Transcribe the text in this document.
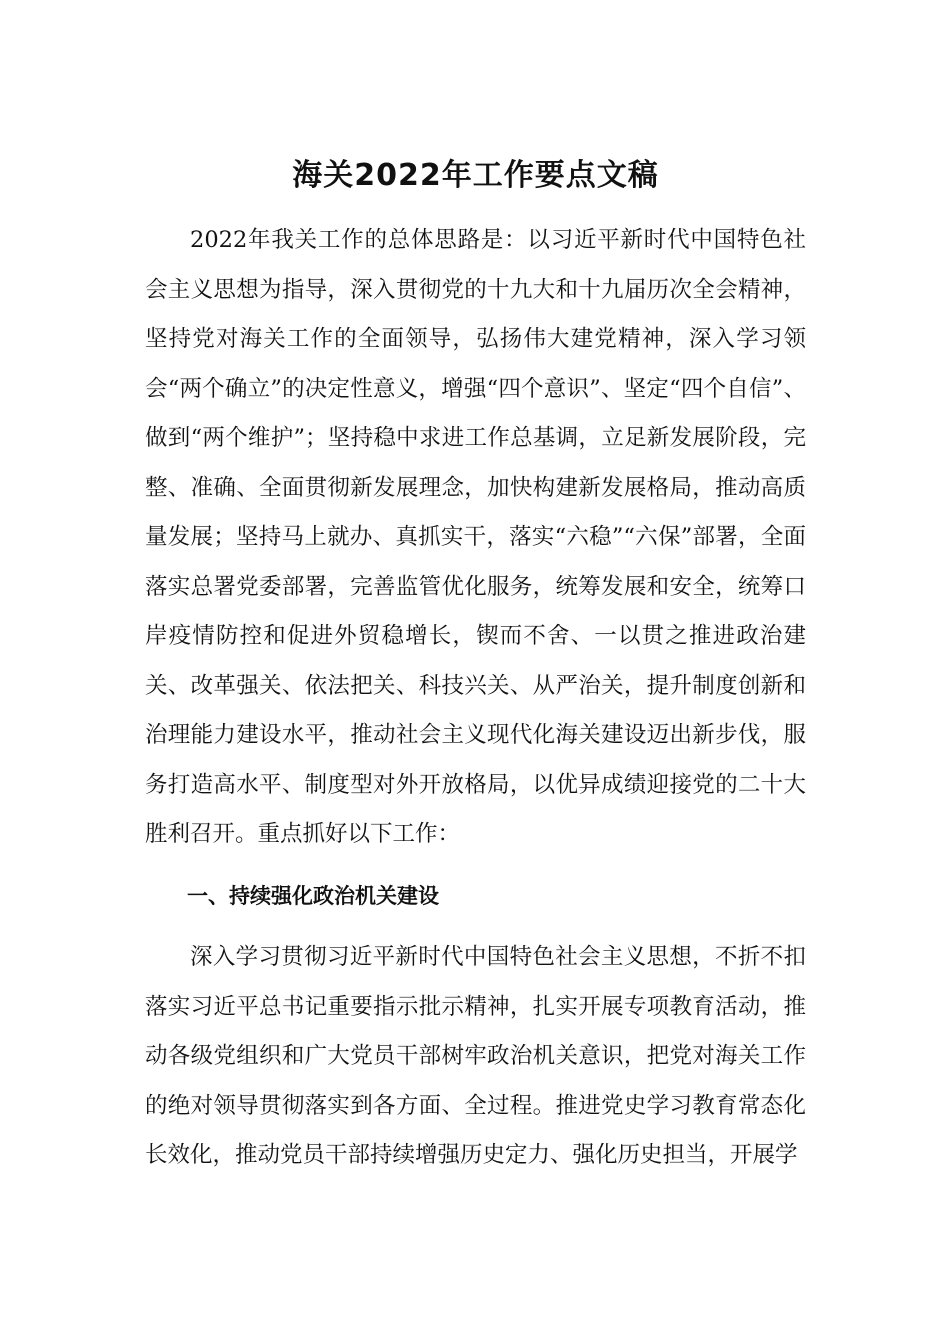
海关2022年工作要点文稿

2022年我关工作的总体思路是：以习近平新时代中国特色社会主义思想为指导，深入贯彻党的十九大和十九届历次全会精神，坚持党对海关工作的全面领导，弘扬伟大建党精神，深入学习领会“两个确立”的决定性意义，增强“四个意识”、坚定“四个自信”、做到“两个维护”；坚持稳中求进工作总基调，立足新发展阶段，完整、准确、全面贯彻新发展理念，加快构建新发展格局，推动高质量发展；坚持马上就办、真抓实干，落实“六稳”“六保”部署，全面落实总署党委部署，完善监管优化服务，统筹发展和安全，统筹口岸疫情防控和促进外贸稳增长，锲而不舍、一以贯之推进政治建关、改革强关、依法把关、科技兴关、从严治关，提升制度创新和治理能力建设水平，推动社会主义现代化海关建设迈出新步伐，服务打造高水平、制度型对外开放格局，以优异成绩迎接党的二十大胜利召开。重点抓好以下工作：

一、持续强化政治机关建设

深入学习贯彻习近平新时代中国特色社会主义思想，不折不扣落实习近平总书记重要指示批示精神，扎实开展专项教育活动，推动各级党组织和广大党员干部树牢政治机关意识，把党对海关工作的绝对领导贯彻落实到各方面、全过程。推进党史学习教育常态化长效化，推动党员干部持续增强历史定力、强化历史担当，开展学
